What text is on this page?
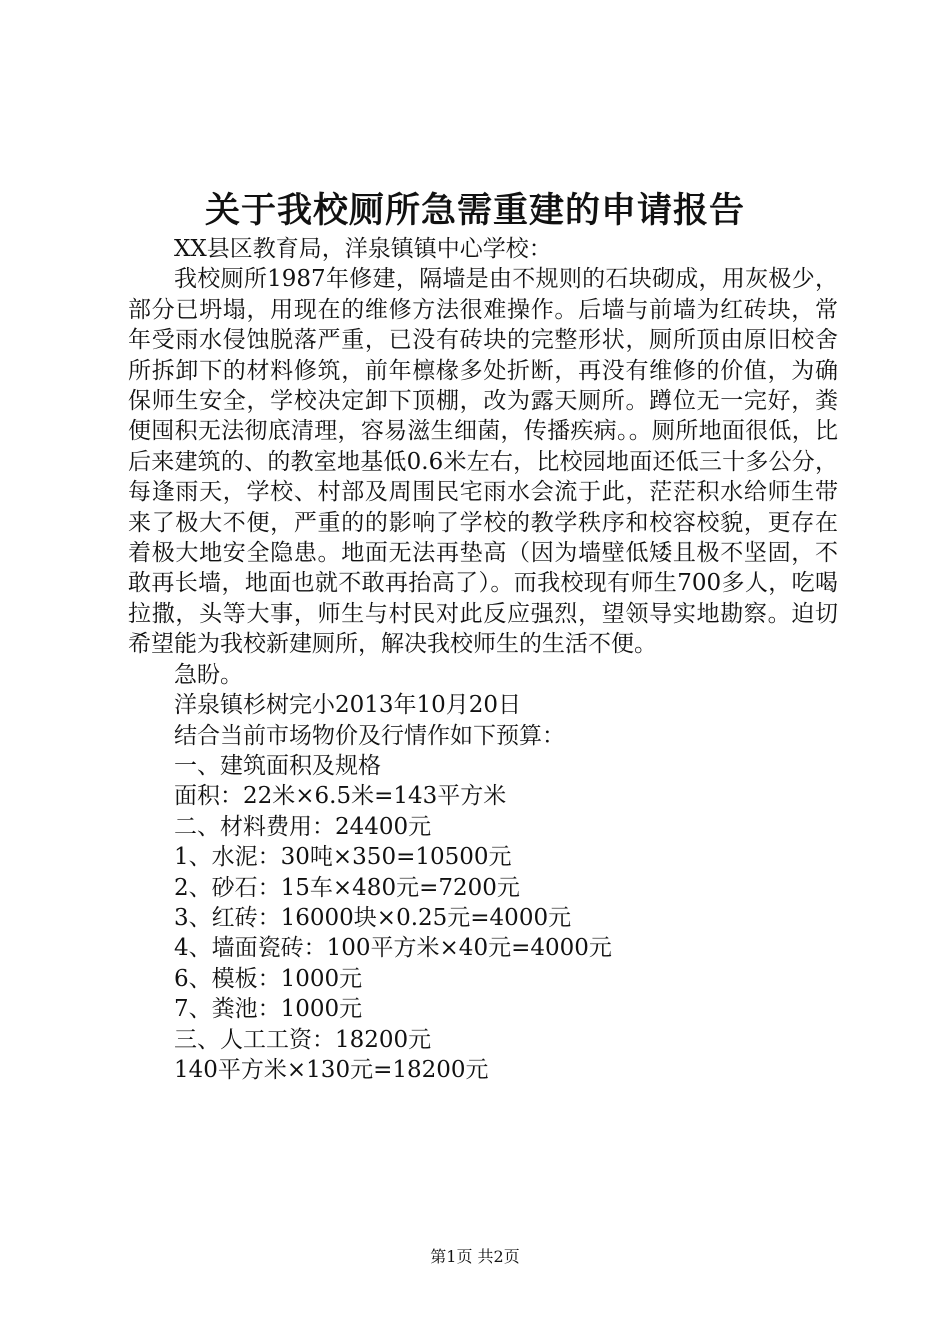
关于我校厕所急需重建的申请报告

XX县区教育局，洋泉镇镇中心学校：

我校厕所1987年修建，隔墙是由不规则的石块砌成，用灰极少，部分已坍塌，用现在的维修方法很难操作。后墙与前墙为红砖块，常年受雨水侵蚀脱落严重，已没有砖块的完整形状，厕所顶由原旧校舍所拆卸下的材料修筑，前年檩椽多处折断，再没有维修的价值，为确保师生安全，学校决定卸下顶棚，改为露天厕所。蹲位无一完好，粪便囤积无法彻底清理，容易滋生细菌，传播疾病。。厕所地面很低，比后来建筑的、的教室地基低0.6米左右，比校园地面还低三十多公分，每逢雨天，学校、村部及周围民宅雨水会流于此，茫茫积水给师生带来了极大不便，严重的的影响了学校的教学秩序和校容校貌，更存在着极大地安全隐患。地面无法再垫高（因为墙壁低矮且极不坚固，不敢再长墙，地面也就不敢再抬高了）。而我校现有师生700多人，吃喝拉撒，头等大事，师生与村民对此反应强烈，望领导实地勘察。迫切希望能为我校新建厕所，解决我校师生的生活不便。

急盼。

洋泉镇杉树完小2013年10月20日

结合当前市场物价及行情作如下预算：

一、建筑面积及规格

面积：22米×6.5米=143平方米

二、材料费用：24400元

1、水泥：30吨×350=10500元

2、砂石：15车×480元=7200元

3、红砖：16000块×0.25元=4000元

4、墙面瓷砖：100平方米×40元=4000元

6、模板：1000元

7、粪池：1000元

三、人工工资：18200元

140平方米×130元=18200元

第1页 共2页
